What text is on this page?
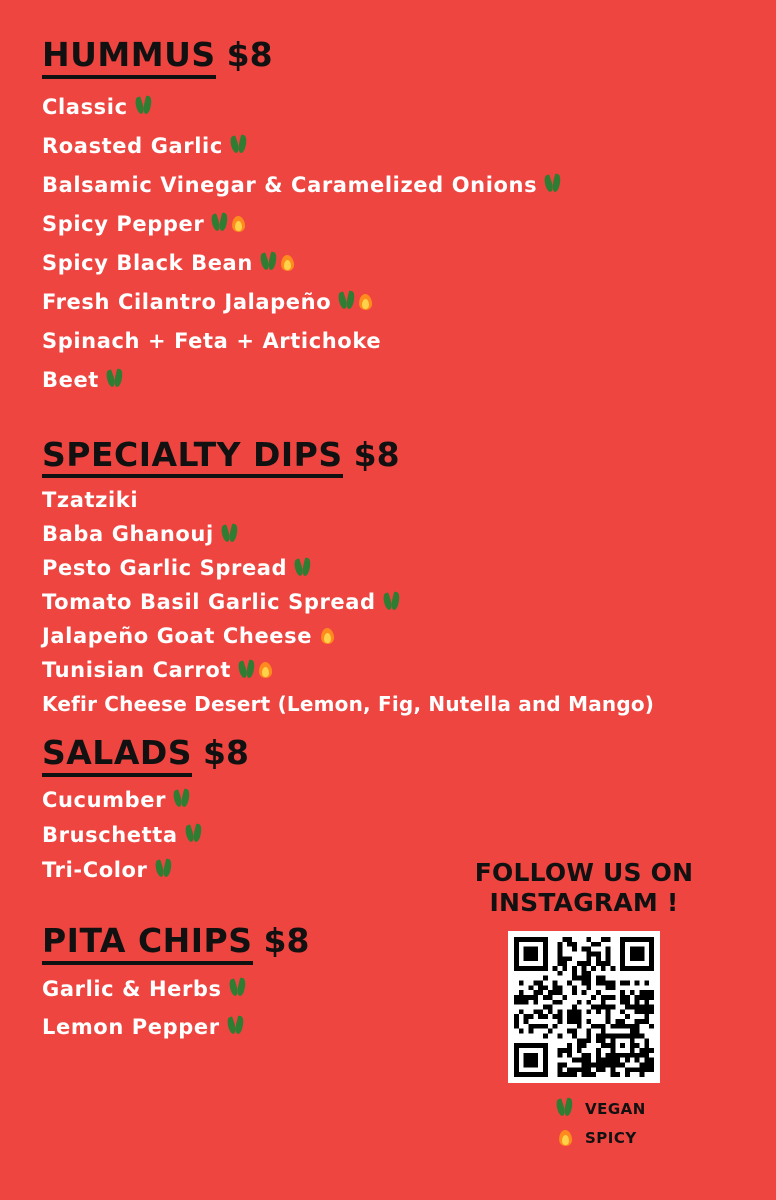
HUMMUS $8
Classic
Roasted Garlic
Balsamic Vinegar & Caramelized Onions
Spicy Pepper
Spicy Black Bean
Fresh Cilantro Jalapeño
Spinach + Feta + Artichoke
Beet
SPECIALTY DIPS $8
Tzatziki
Baba Ghanouj
Pesto Garlic Spread
Tomato Basil Garlic Spread
Jalapeño Goat Cheese
Tunisian Carrot
Kefir Cheese Desert (Lemon, Fig, Nutella and Mango)
SALADS $8
Cucumber
Bruschetta
Tri-Color
PITA CHIPS $8
Garlic & Herbs
Lemon Pepper
FOLLOW US ON
INSTAGRAM !
VEGAN
SPICY
